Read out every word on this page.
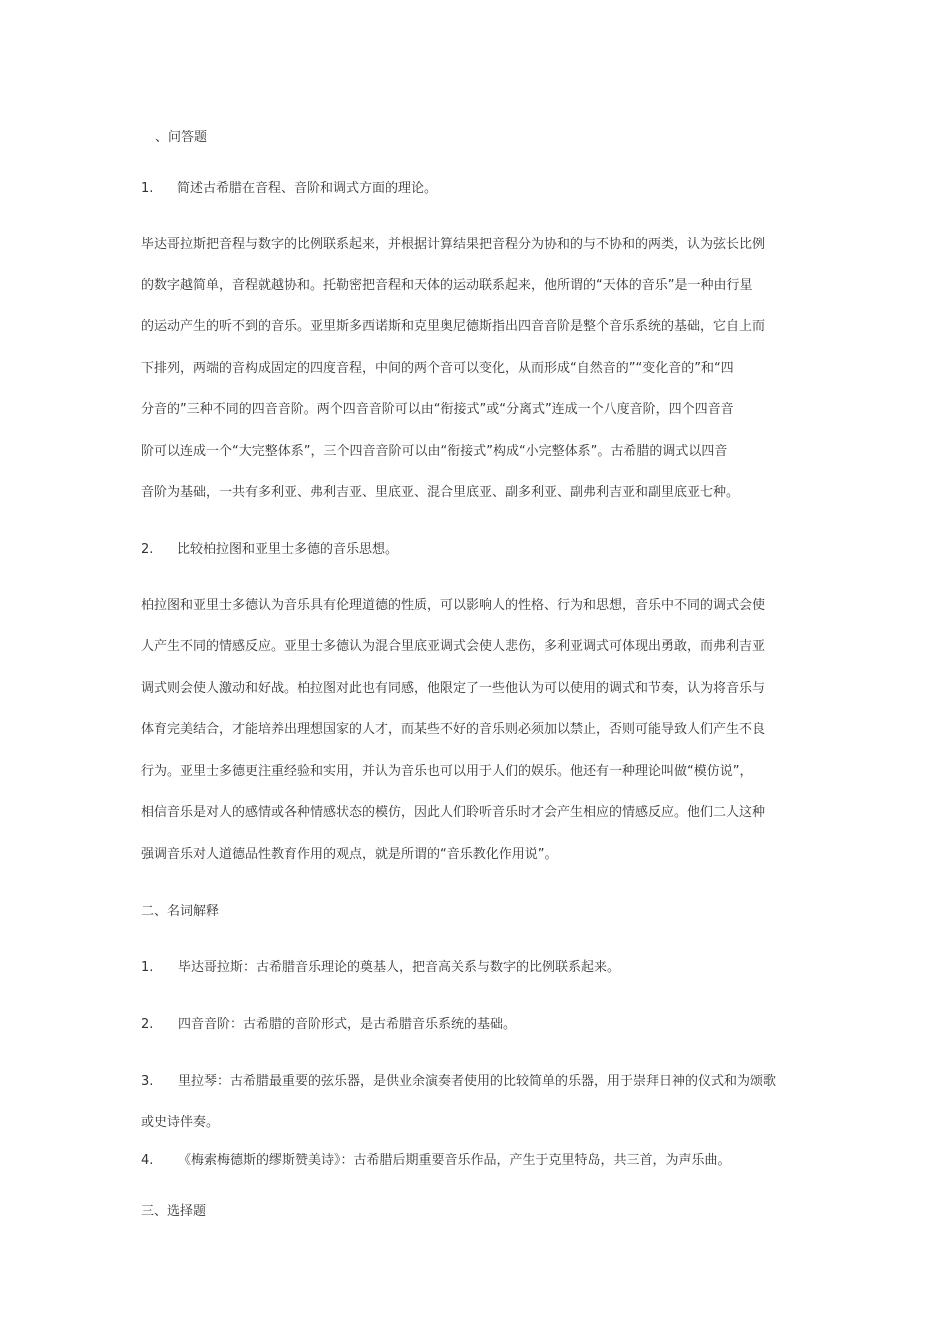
、问答题
1. 简述古希腊在音程、音阶和调式方面的理论。
毕达哥拉斯把音程与数字的比例联系起来，并根据计算结果把音程分为协和的与不协和的两类，认为弦长比例
的数字越简单，音程就越协和。托勒密把音程和天体的运动联系起来，他所谓的“天体的音乐”是一种由行星
的运动产生的听不到的音乐。亚里斯多西诺斯和克里奥尼德斯指出四音音阶是整个音乐系统的基础，它自上而
下排列，两端的音构成固定的四度音程，中间的两个音可以变化，从而形成“自然音的”“变化音的”和“四
分音的”三种不同的四音音阶。两个四音音阶可以由“衔接式”或“分离式”连成一个八度音阶，四个四音音
阶可以连成一个“大完整体系”，三个四音音阶可以由“衔接式”构成“小完整体系”。古希腊的调式以四音
音阶为基础，一共有多利亚、弗利吉亚、里底亚、混合里底亚、副多利亚、副弗利吉亚和副里底亚七种。
2. 比较柏拉图和亚里士多德的音乐思想。
柏拉图和亚里士多德认为音乐具有伦理道德的性质，可以影响人的性格、行为和思想，音乐中不同的调式会使
人产生不同的情感反应。亚里士多德认为混合里底亚调式会使人悲伤，多利亚调式可体现出勇敢，而弗利吉亚
调式则会使人激动和好战。柏拉图对此也有同感，他限定了一些他认为可以使用的调式和节奏，认为将音乐与
体育完美结合，才能培养出理想国家的人才，而某些不好的音乐则必须加以禁止，否则可能导致人们产生不良
行为。亚里士多德更注重经验和实用，并认为音乐也可以用于人们的娱乐。他还有一种理论叫做“模仿说”，
相信音乐是对人的感情或各种情感状态的模仿，因此人们聆听音乐时才会产生相应的情感反应。他们二人这种
强调音乐对人道德品性教育作用的观点，就是所谓的“音乐教化作用说”。
二、名词解释
1. 毕达哥拉斯：古希腊音乐理论的奠基人，把音高关系与数字的比例联系起来。
2. 四音音阶：古希腊的音阶形式，是古希腊音乐系统的基础。
3. 里拉琴：古希腊最重要的弦乐器，是供业余演奏者使用的比较简单的乐器，用于崇拜日神的仪式和为颂歌
或史诗伴奏。
4. 《梅索梅德斯的缪斯赞美诗》：古希腊后期重要音乐作品，产生于克里特岛，共三首，为声乐曲。
三、选择题
